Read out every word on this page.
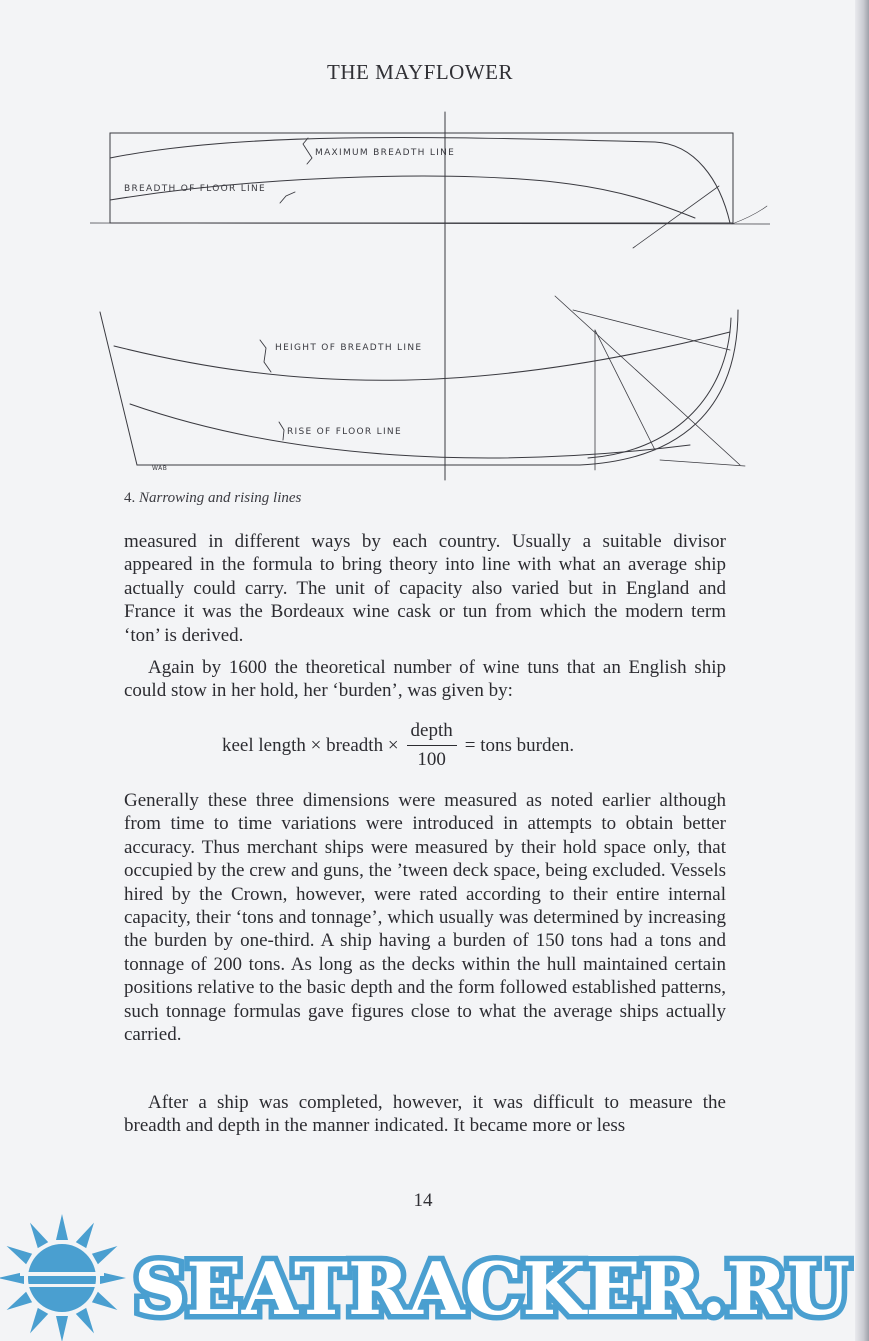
THE MAYFLOWER
MAXIMUM BREADTH LINE
BREADTH OF FLOOR LINE
HEIGHT OF BREADTH LINE
RISE OF FLOOR LINE
WAB
4. Narrowing and rising lines

measured in different ways by each country. Usually a suitable divisor appeared in the formula to bring theory into line with what an average ship actually could carry. The unit of capacity also varied but in England and France it was the Bordeaux wine cask or tun from which the modern term ‘ton’ is derived.

Again by 1600 the theoretical number of wine tuns that an English ship could stow in her hold, her ‘burden’, was given by:

keel length × breadth × $\frac{\text{depth}}{100}$ = tons burden.

Generally these three dimensions were measured as noted earlier although from time to time variations were introduced in attempts to obtain better accuracy. Thus merchant ships were measured by their hold space only, that occupied by the crew and guns, the ’tween deck space, being excluded. Vessels hired by the Crown, however, were rated according to their entire internal capacity, their ‘tons and tonnage’, which usually was determined by increasing the burden by one-third. A ship having a burden of 150 tons had a tons and tonnage of 200 tons. As long as the decks within the hull maintained certain positions relative to the basic depth and the form followed established patterns, such tonnage formulas gave figures close to what the average ships actually carried.

After a ship was completed, however, it was difficult to measure the breadth and depth in the manner indicated. It became more or less

14
SEATRACKER.RU
